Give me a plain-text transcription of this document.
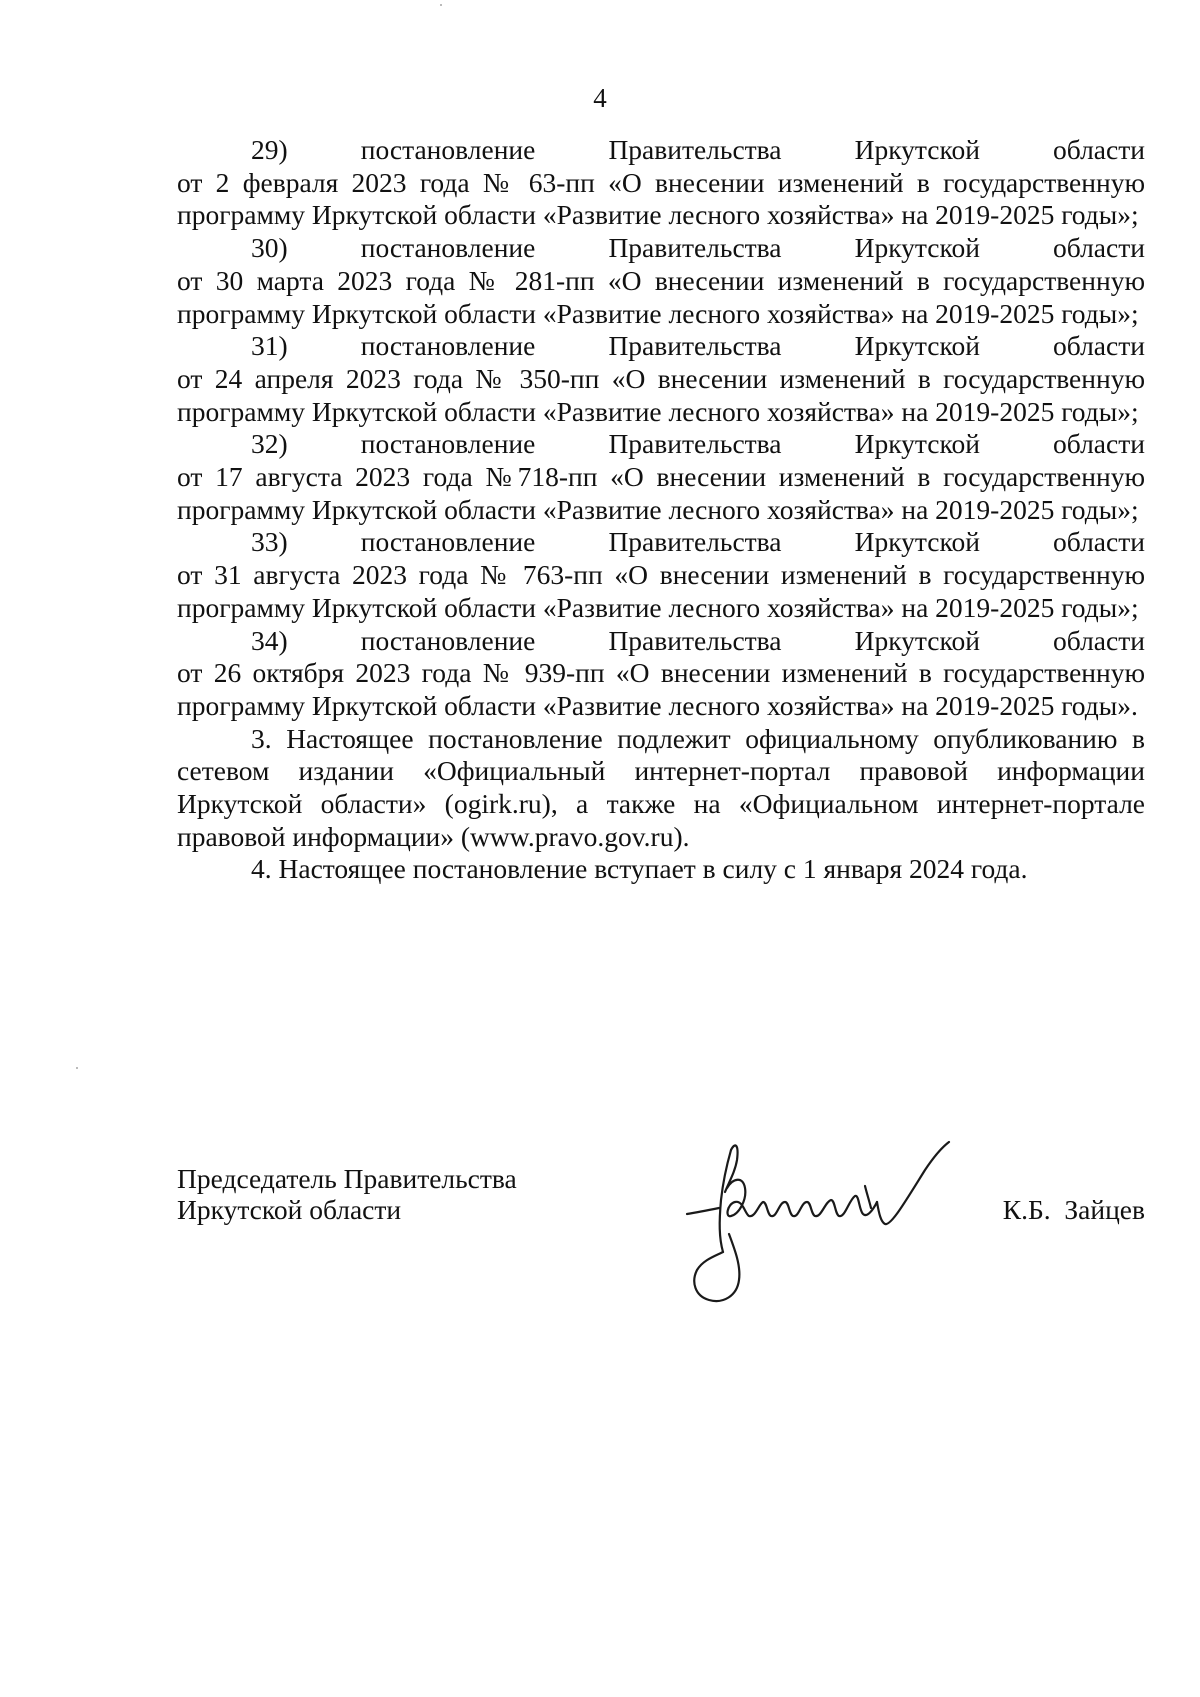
4
29)	постановление	Правительства	Иркутской	области
от 2 февраля 2023 года № 63-пп «О внесении изменений в государственную программу Иркутской области «Развитие лесного хозяйства» на 2019-2025 годы»;
30)	постановление	Правительства	Иркутской	области
от 30 марта 2023 года № 281-пп «О внесении изменений в государственную программу Иркутской области «Развитие лесного хозяйства» на 2019-2025 годы»;
31)	постановление	Правительства	Иркутской	области
от 24 апреля 2023 года № 350-пп «О внесении изменений в государственную программу Иркутской области «Развитие лесного хозяйства» на 2019-2025 годы»;
32)	постановление	Правительства	Иркутской	области
от 17 августа 2023 года №718-пп «О внесении изменений в государственную программу Иркутской области «Развитие лесного хозяйства» на 2019-2025 годы»;
33)	постановление	Правительства	Иркутской	области
от 31 августа 2023 года № 763-пп «О внесении изменений в государственную программу Иркутской области «Развитие лесного хозяйства» на 2019-2025 годы»;
34)	постановление	Правительства	Иркутской	области
от 26 октября 2023 года № 939-пп «О внесении изменений в государственную программу Иркутской области «Развитие лесного хозяйства» на 2019-2025 годы».

3. Настоящее постановление подлежит официальному опубликованию в сетевом издании «Официальный интернет-портал правовой информации Иркутской области» (ogirk.ru), а также на «Официальном интернет-портале правовой информации» (www.pravo.gov.ru).

4. Настоящее постановление вступает в силу с 1 января 2024 года.

Председатель Правительства
Иркутской области	К.Б.  Зайцев
